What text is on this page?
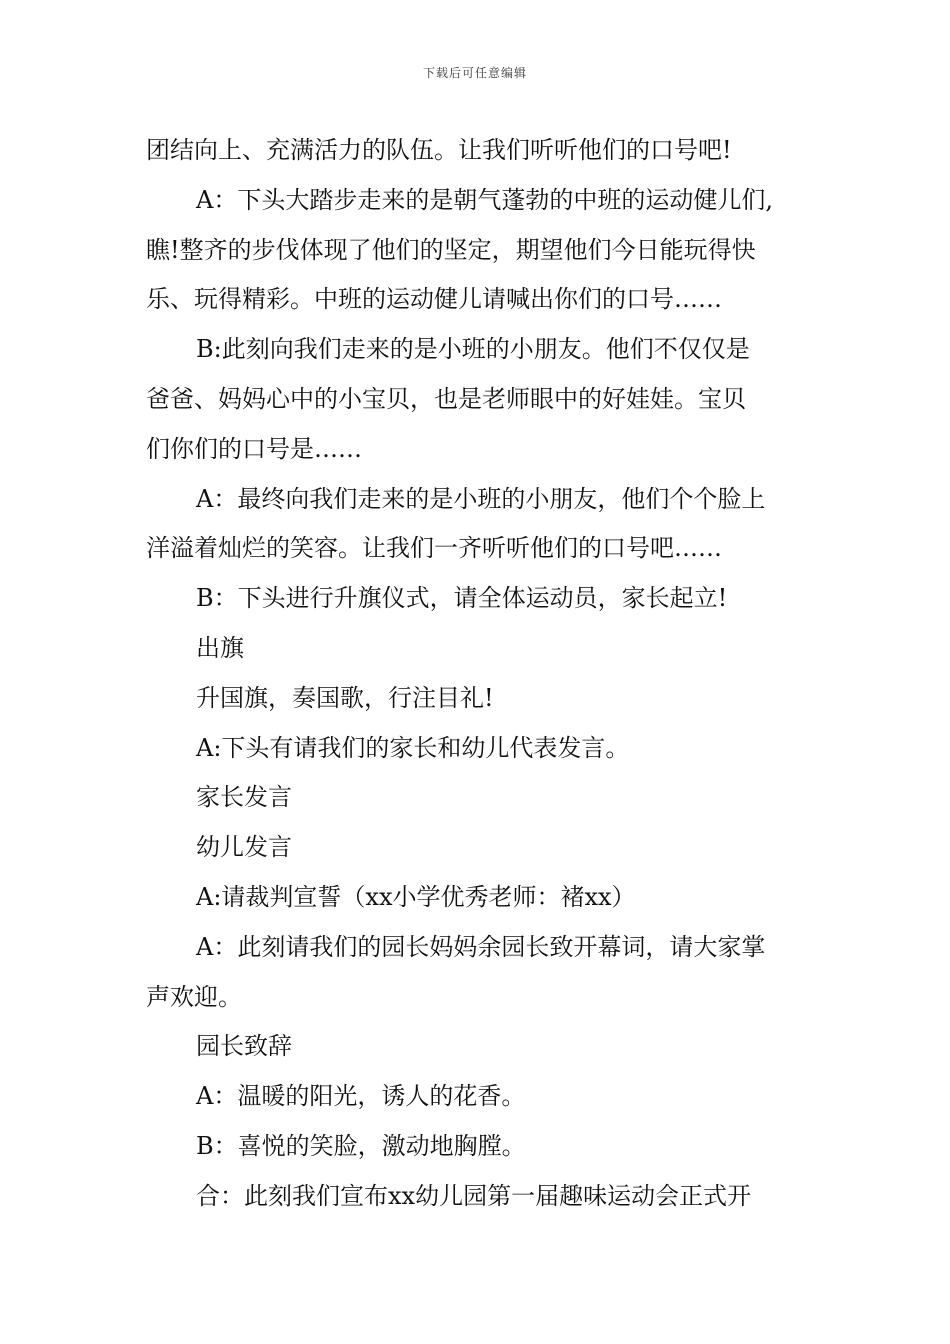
下载后可任意编辑
团结向上、充满活力的队伍。让我们听听他们的口号吧!
A：下头大踏步走来的是朝气蓬勃的中班的运动健儿们,
瞧!整齐的步伐体现了他们的坚定，期望他们今日能玩得快
乐、玩得精彩。中班的运动健儿请喊出你们的口号……
B:此刻向我们走来的是小班的小朋友。他们不仅仅是
爸爸、妈妈心中的小宝贝，也是老师眼中的好娃娃。宝贝
们你们的口号是……
A：最终向我们走来的是小班的小朋友，他们个个脸上
洋溢着灿烂的笑容。让我们一齐听听他们的口号吧……
B：下头进行升旗仪式，请全体运动员，家长起立!
出旗
升国旗，奏国歌，行注目礼!
A:下头有请我们的家长和幼儿代表发言。
家长发言
幼儿发言
A:请裁判宣誓（xx小学优秀老师：褚xx）
A：此刻请我们的园长妈妈余园长致开幕词，请大家掌
声欢迎。
园长致辞
A：温暖的阳光，诱人的花香。
B：喜悦的笑脸，激动地胸膛。
合：此刻我们宣布xx幼儿园第一届趣味运动会正式开
